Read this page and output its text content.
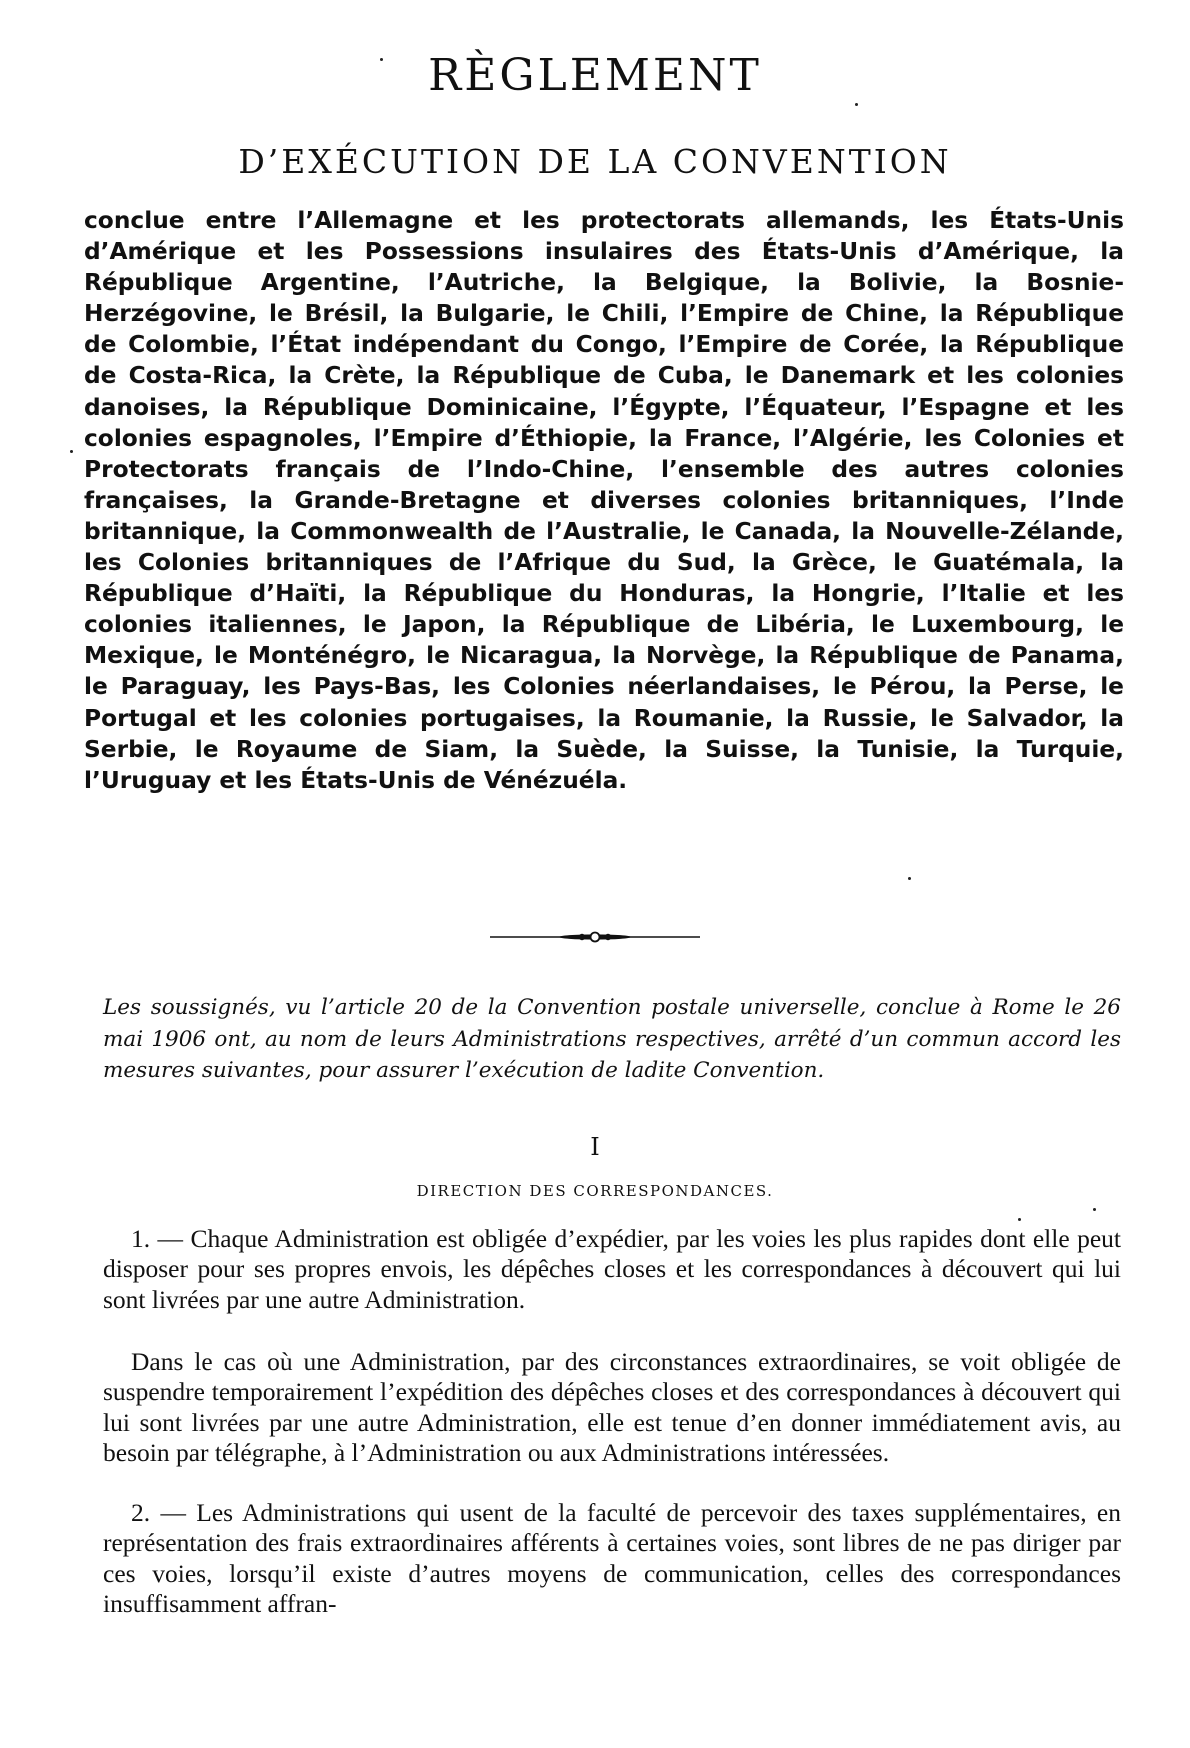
RÈGLEMENT
D’EXÉCUTION DE LA CONVENTION
conclue entre l’Allemagne et les protectorats allemands, les États-Unis d’Amérique et les Possessions insulaires des États-Unis d’Amérique, la République Argentine, l’Autriche, la Belgique, la Bolivie, la Bosnie-Herzégovine, le Brésil, la Bulgarie, le Chili, l’Empire de Chine, la République de Colombie, l’État indépendant du Congo, l’Empire de Corée, la République de Costa-Rica, la Crète, la République de Cuba, le Danemark et les colonies danoises, la République Dominicaine, l’Égypte, l’Équateur, l’Espagne et les colonies espagnoles, l’Empire d’Éthiopie, la France, l’Algérie, les Colonies et Protectorats français de l’Indo-Chine, l’ensemble des autres colonies françaises, la Grande-Bretagne et diverses colonies britanniques, l’Inde britannique, la Commonwealth de l’Australie, le Canada, la Nouvelle-Zélande, les Colonies britanniques de l’Afrique du Sud, la Grèce, le Guatémala, la République d’Haïti, la République du Honduras, la Hongrie, l’Italie et les colonies italiennes, le Japon, la République de Libéria, le Luxembourg, le Mexique, le Monténégro, le Nicaragua, la Norvège, la République de Panama, le Paraguay, les Pays-Bas, les Colonies néerlandaises, le Pérou, la Perse, le Portugal et les colonies portugaises, la Roumanie, la Russie, le Salvador, la Serbie, le Royaume de Siam, la Suède, la Suisse, la Tunisie, la Turquie, l’Uruguay et les États-Unis de Vénézuéla.
Les soussignés, vu l’article 20 de la Convention postale universelle, conclue à Rome le 26 mai 1906 ont, au nom de leurs Administrations respectives, arrêté d’un commun accord les mesures suivantes, pour assurer l’exécution de ladite Convention.
I
DIRECTION DES CORRESPONDANCES.

1. — Chaque Administration est obligée d’expédier, par les voies les plus rapides dont elle peut disposer pour ses propres envois, les dépêches closes et les correspondances à découvert qui lui sont livrées par une autre Administration.

Dans le cas où une Administration, par des circonstances extraordinaires, se voit obligée de suspendre temporairement l’expédition des dépêches closes et des correspondances à découvert qui lui sont livrées par une autre Administration, elle est tenue d’en donner immédiatement avis, au besoin par télégraphe, à l’Administration ou aux Administrations intéressées.

2. — Les Administrations qui usent de la faculté de percevoir des taxes supplémentaires, en représentation des frais extraordinaires afférents à certaines voies, sont libres de ne pas diriger par ces voies, lorsqu’il existe d’autres moyens de communication, celles des correspondances insuffisamment affran-
